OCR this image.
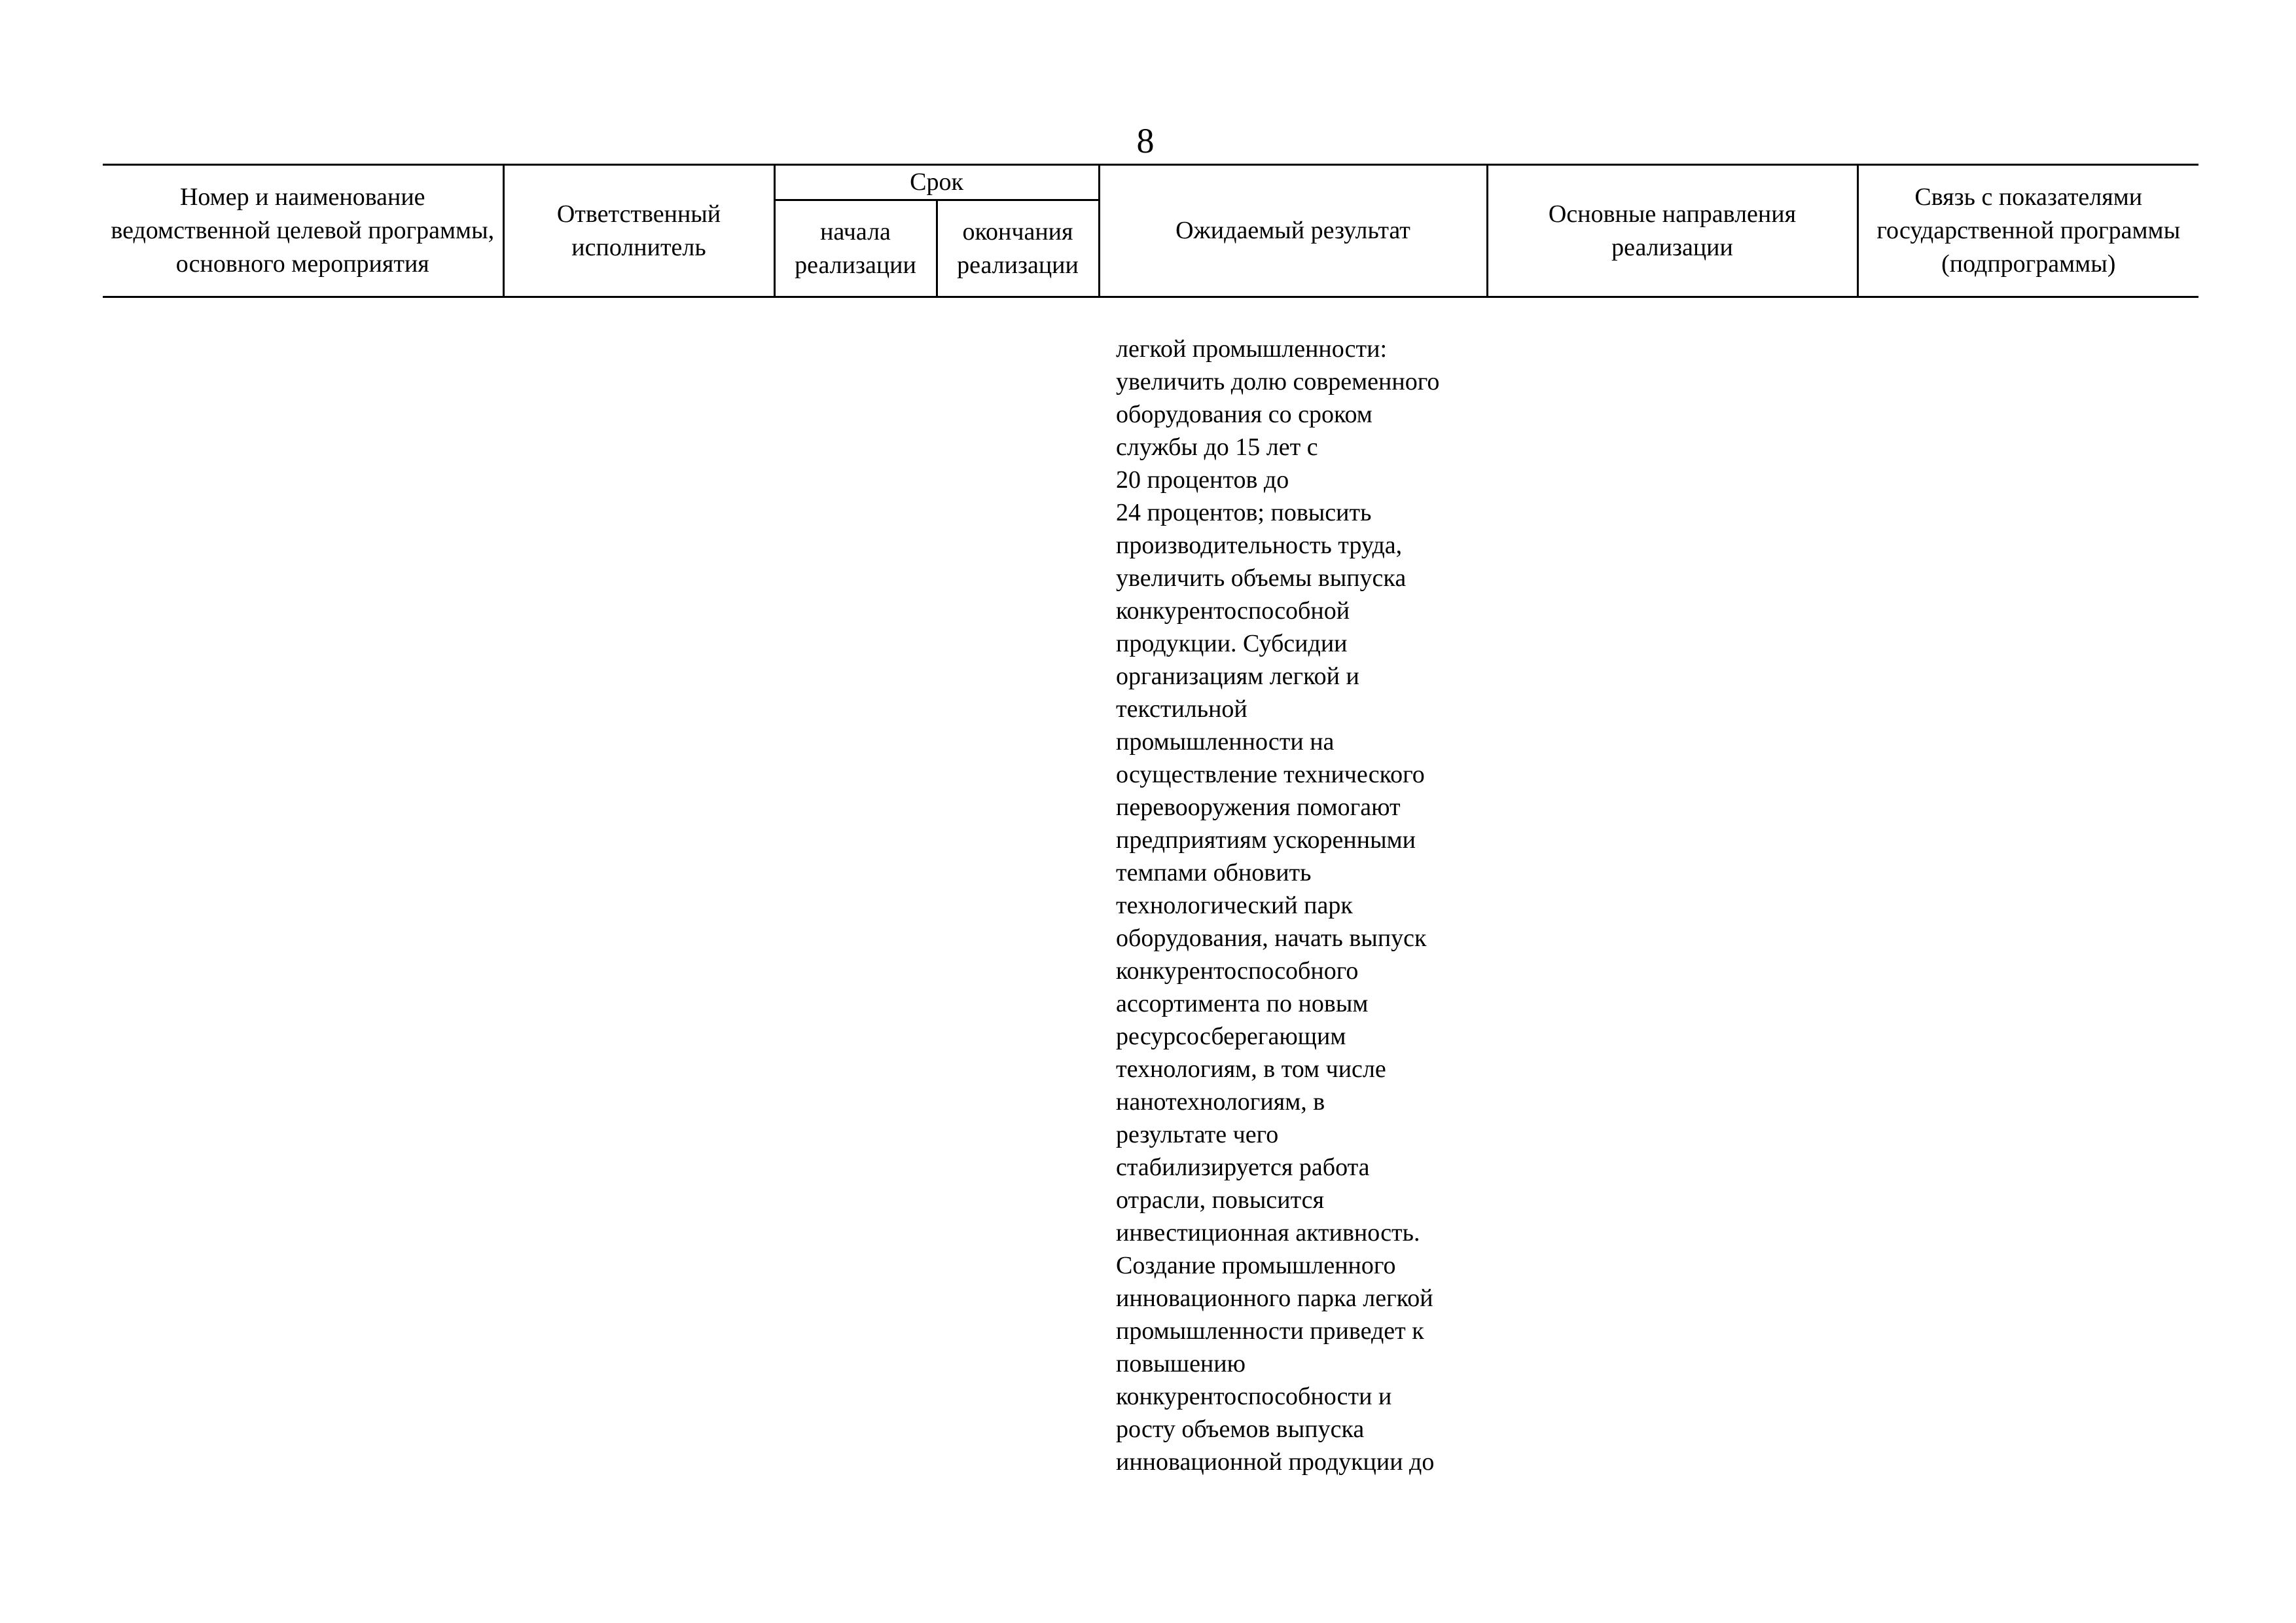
8
Номер и наименование ведомственной целевой программы, основного мероприятия	Ответственный исполнитель	Срок		Ожидаемый результат	Основные направления реализации	Связь с показателями государственной программы (подпрограммы)
		начала реализации	окончания реализации			
легкой промышленности:
увеличить долю современного
оборудования со сроком
службы до 15 лет с
20 процентов до
24 процентов; повысить
производительность труда,
увеличить объемы выпуска
конкурентоспособной
продукции. Субсидии
организациям легкой и
текстильной
промышленности на
осуществление технического
перевооружения помогают
предприятиям ускоренными
темпами обновить
технологический парк
оборудования, начать выпуск
конкурентоспособного
ассортимента по новым
ресурсосберегающим
технологиям, в том числе
нанотехнологиям, в
результате чего
стабилизируется работа
отрасли, повысится
инвестиционная активность.
Создание промышленного
инновационного парка легкой
промышленности приведет к
повышению
конкурентоспособности и
росту объемов выпуска
инновационной продукции до
